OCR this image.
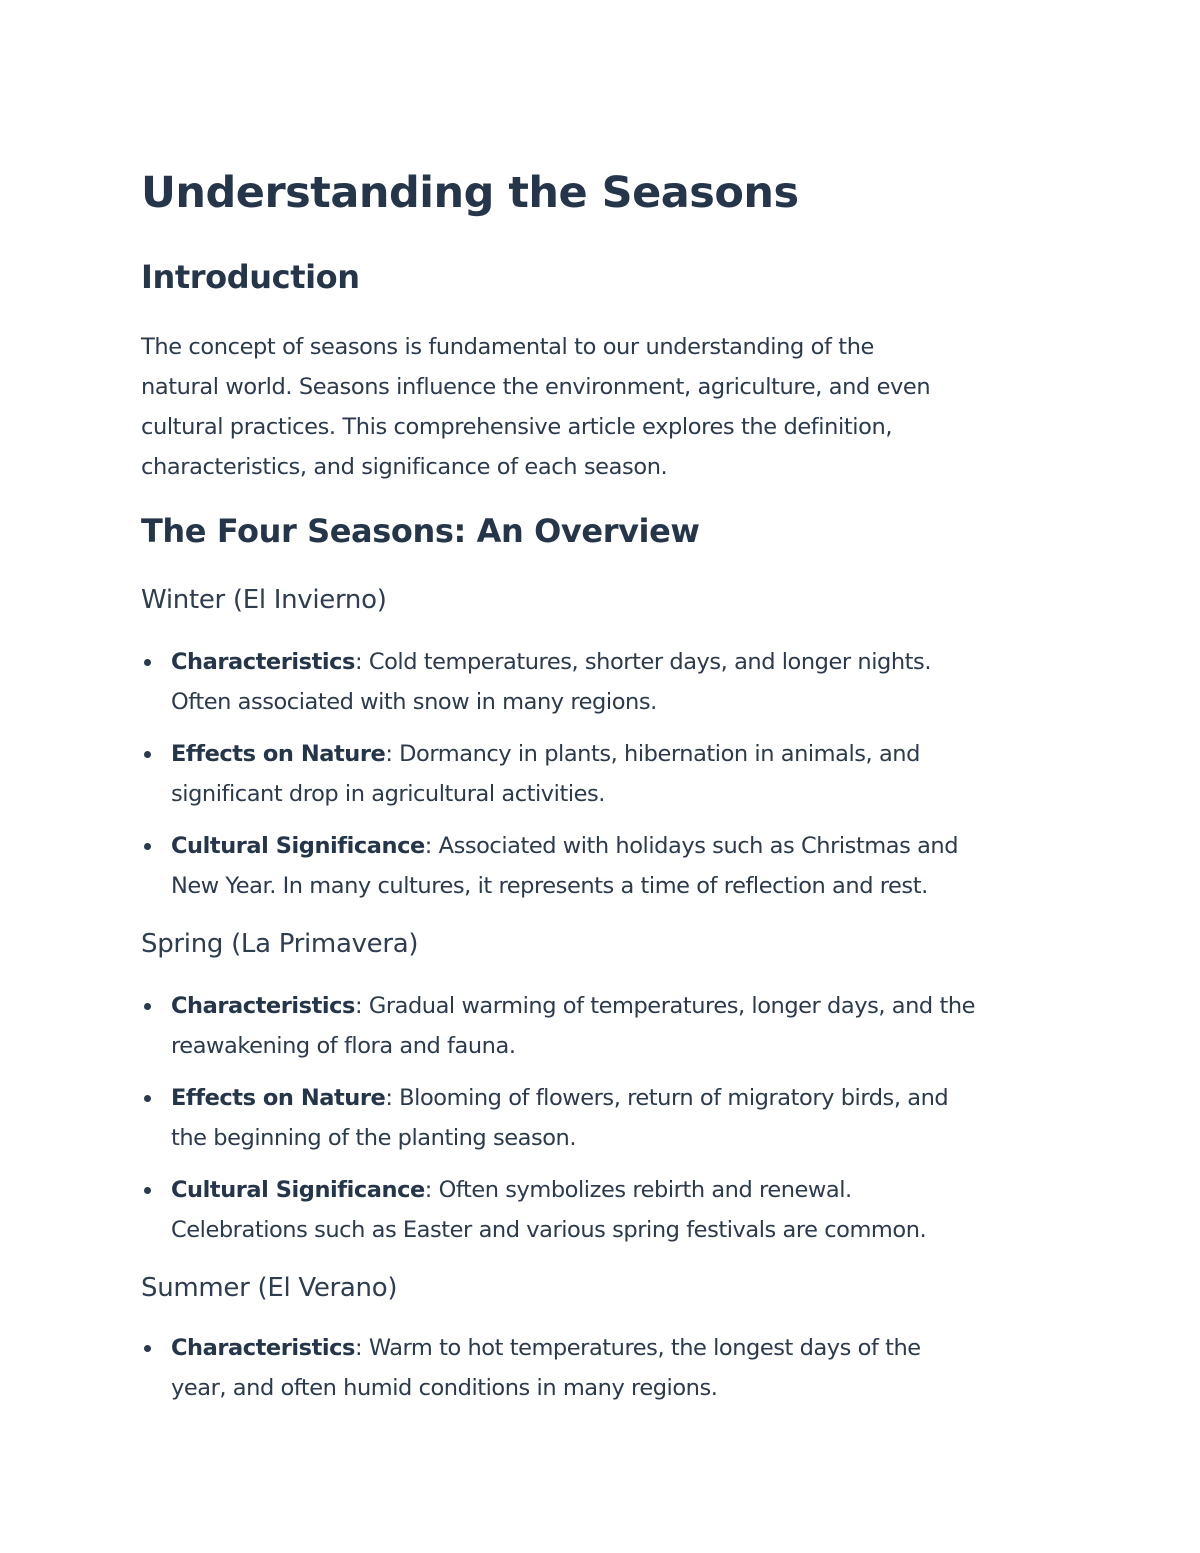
Understanding the Seasons
Introduction

The concept of seasons is fundamental to our understanding of the
natural world. Seasons influence the environment, agriculture, and even
cultural practices. This comprehensive article explores the definition,
characteristics, and significance of each season.

The Four Seasons: An Overview
Winter (El Invierno)
Characteristics: Cold temperatures, shorter days, and longer nights.
Often associated with snow in many regions.
Effects on Nature: Dormancy in plants, hibernation in animals, and
significant drop in agricultural activities.
Cultural Significance: Associated with holidays such as Christmas and
New Year. In many cultures, it represents a time of reflection and rest.
Spring (La Primavera)
Characteristics: Gradual warming of temperatures, longer days, and the
reawakening of flora and fauna.
Effects on Nature: Blooming of flowers, return of migratory birds, and
the beginning of the planting season.
Cultural Significance: Often symbolizes rebirth and renewal.
Celebrations such as Easter and various spring festivals are common.
Summer (El Verano)
Characteristics: Warm to hot temperatures, the longest days of the
year, and often humid conditions in many regions.
